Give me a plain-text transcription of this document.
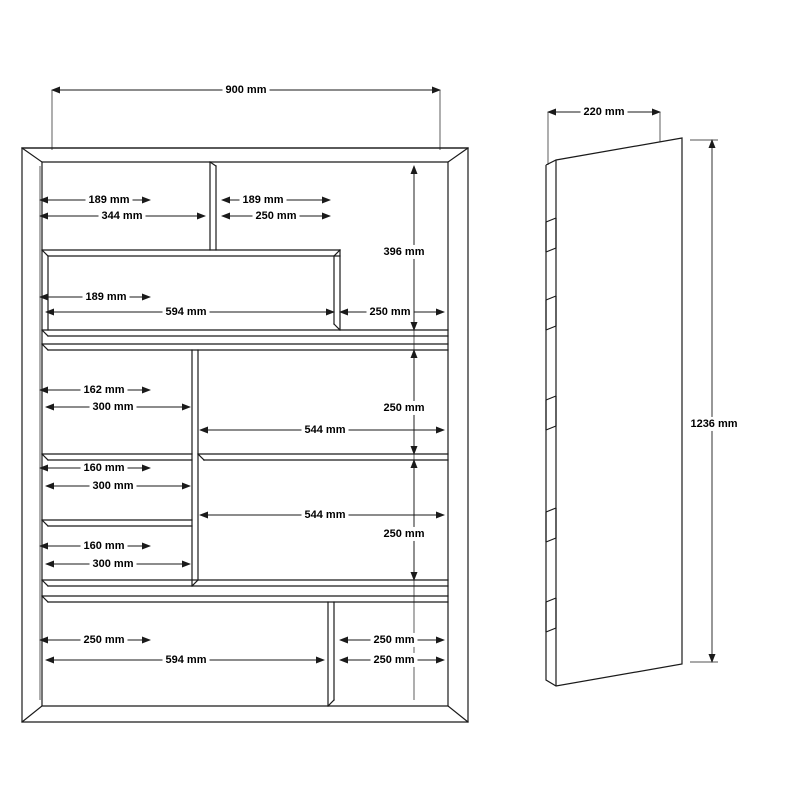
900 mm
189 mm
344 mm
189 mm
250 mm
396 mm
189 mm
594 mm	250 mm
162 mm
300 mm	250 mm
544 mm
160 mm
300 mm
544 mm
160 mm
300 mm
250 mm
250 mm
594 mm
250 mm
250 mm
220 mm
1236 mm
